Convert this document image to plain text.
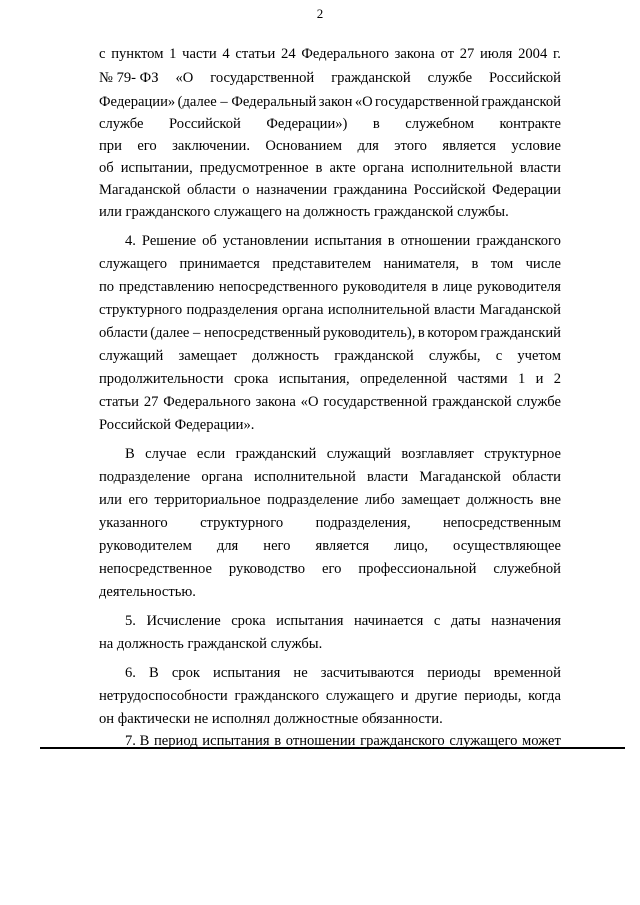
2
с пунктом 1 части 4 статьи 24 Федерального закона от 27 июля 2004 г.
№ 79- ФЗ «О государственной гражданской службе Российской
Федерации» (далее – Федеральный закон «О государственной гражданской
службе Российской Федерации») в служебном контракте
при его заключении. Основанием для этого является условие
об испытании, предусмотренное в акте органа исполнительной власти
Магаданской области о назначении гражданина Российской Федерации
или гражданского служащего на должность гражданской службы.
4. Решение об установлении испытания в отношении гражданского
служащего принимается представителем нанимателя, в том числе
по представлению непосредственного руководителя в лице руководителя
структурного подразделения органа исполнительной власти Магаданской
области (далее – непосредственный руководитель), в котором гражданский
служащий замещает должность гражданской службы, с учетом
продолжительности срока испытания, определенной частями 1 и 2
статьи 27 Федерального закона «О государственной гражданской службе
Российской Федерации».
В случае если гражданский служащий возглавляет структурное
подразделение органа исполнительной власти Магаданской области
или его территориальное подразделение либо замещает должность вне
указанного структурного подразделения, непосредственным
руководителем для него является лицо, осуществляющее
непосредственное руководство его профессиональной служебной
деятельностью.
5. Исчисление срока испытания начинается с даты назначения
на должность гражданской службы.
6. В срок испытания не засчитываются периоды временной
нетрудоспособности гражданского служащего и другие периоды, когда
он фактически не исполнял должностные обязанности.
7. В период испытания в отношении гражданского служащего может
